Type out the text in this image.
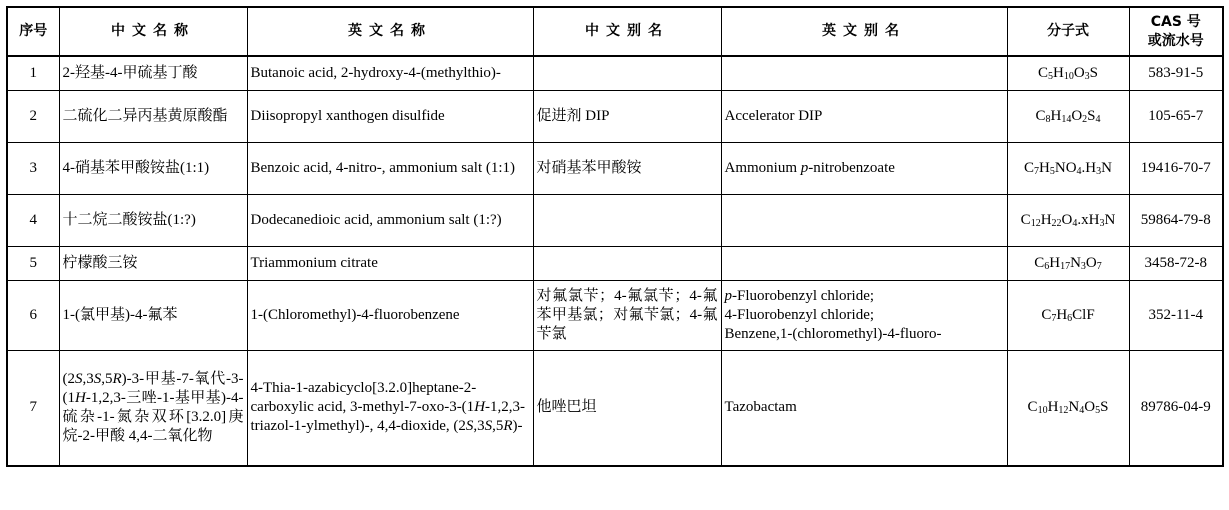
序号	中文名称	英文名称	中文别名	英文别名	分子式	CAS 号
或流水号

1	2-羟基-4-甲硫基丁酸	Butanoic acid, 2-hydroxy-4-(methylthio)-			$C_5H_{10}O_3S$	583-91-5
2	二硫化二异丙基黄原酸酯	Diisopropyl xanthogen disulfide	促进剂 DIP	Accelerator DIP	$C_8H_{14}O_2S_4$	105-65-7
3	4-硝基苯甲酸铵盐(1:1)	Benzoic acid, 4-nitro-, ammonium salt (1:1)	对硝基苯甲酸铵	Ammonium p-nitrobenzoate	$C_7H_5NO_4.H_3N$	19416-70-7
4	十二烷二酸铵盐(1:?)	Dodecanedioic acid, ammonium salt (1:?)			$C_{12}H_{22}O_4.xH_3N$	59864-79-8
5	柠檬酸三铵	Triammonium citrate			$C_6H_{17}N_3O_7$	3458-72-8
6	1-(氯甲基)-4-氟苯	1-(Chloromethyl)-4-fluorobenzene	对氟氯苄；4-氟氯苄；4-氟苯甲基氯；对氟苄氯；4-氟苄氯	p-Fluorobenzyl chloride;
4-Fluorobenzyl chloride;
Benzene,1-(chloromethyl)-4-fluoro-	$C_7H_6ClF$	352-11-4
7	(2S,3S,5R)-3-甲基-7-氧代-3-(1H-1,2,3-三唑-1-基甲基)-4-硫杂-1-氮杂双环[3.2.0]庚烷-2-甲酸 4,4-二氧化物	4-Thia-1-azabicyclo[3.2.0]heptane-2-carboxylic acid, 3-methyl-7-oxo-3-(1H-1,2,3-triazol-1-ylmethyl)-, 4,4-dioxide, (2S,3S,5R)-	他唑巴坦	Tazobactam	$C_{10}H_{12}N_4O_5S$	89786-04-9
